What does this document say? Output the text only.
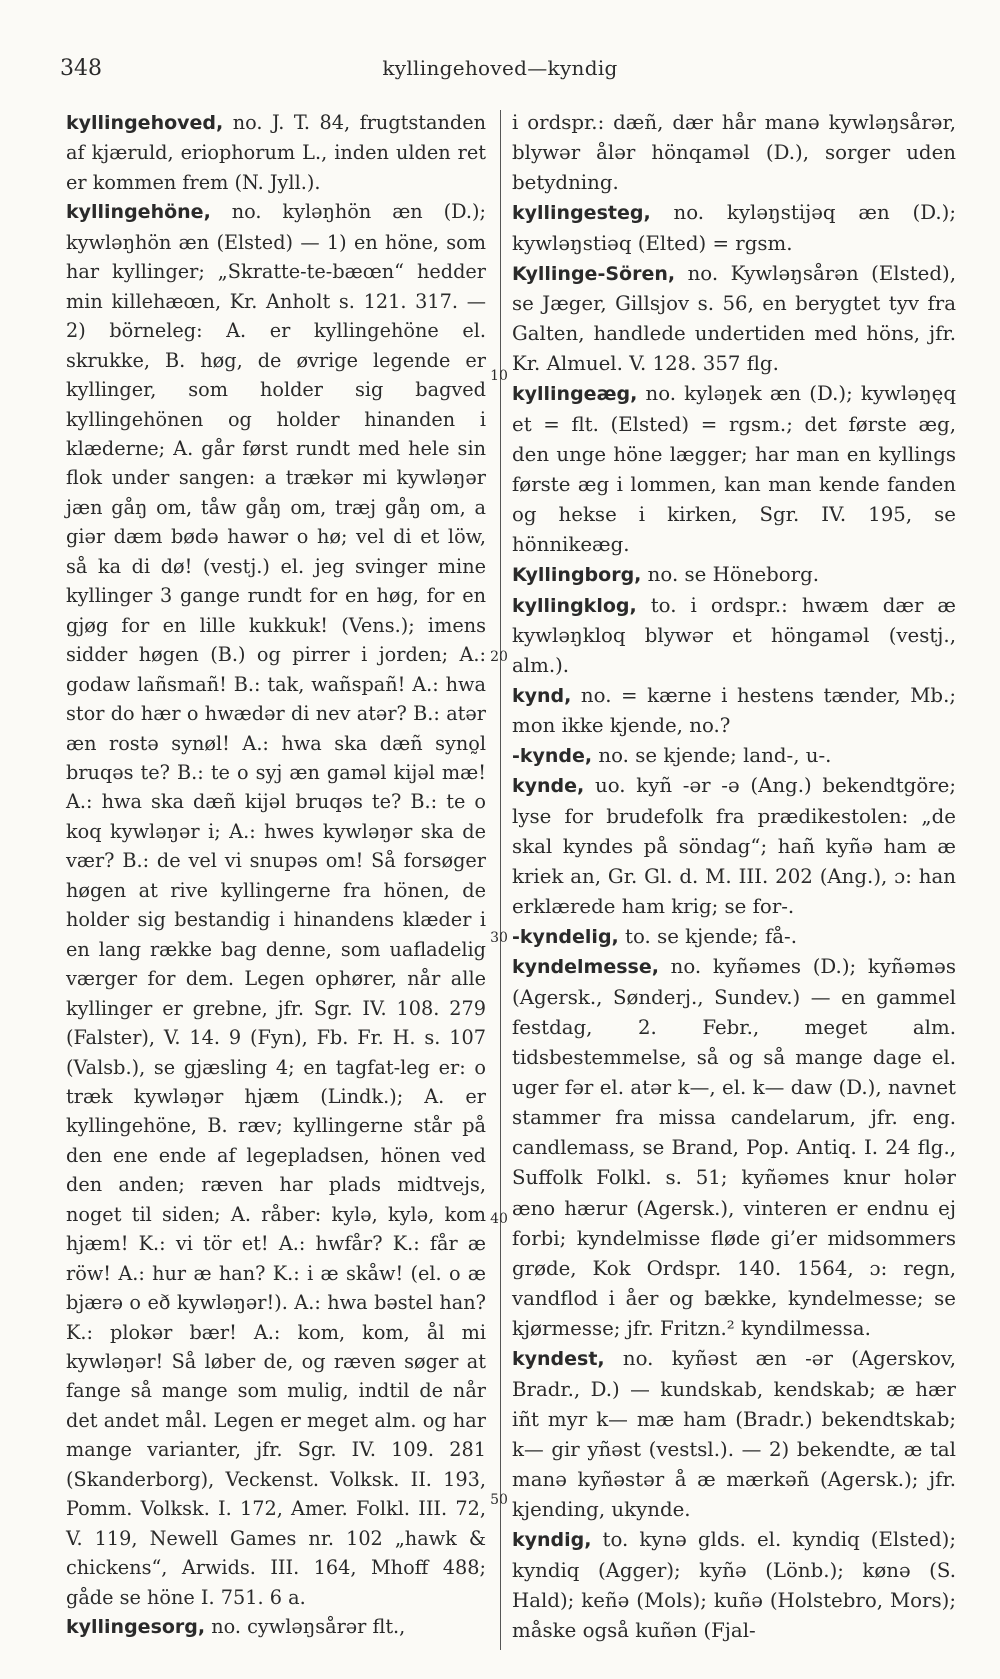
348	kyllingehoved—kyndig

kyllingehoved, no. J. T. 84, frugtstanden af kjæruld, eriophorum L., inden ulden ret er kommen frem (N. Jyll.).

kyllingehöne, no. kyləŋhön æn (D.); kywləŋhön æn (Elsted) — 1) en höne, som har kyllinger; „Skratte-te-bæœn“ hedder min killehæœn, Kr. Anholt s. 121. 317. — 2) börneleg: A. er kyllingehöne el. skrukke, B. høg, de øvrige legende er kyllinger, som holder sig bagved kyllingehönen og holder hinanden i klæderne; A. går først rundt med hele sin flok under sangen: a trækər mi kywləŋər jæn gåŋ om, tåw gåŋ om, træj gåŋ om, a giər dæm bødə hawər o hø; vel di et löw, så ka di dø! (vestj.) el. jeg svinger mine kyllinger 3 gange rundt for en høg, for en gjøg for en lille kukkuk! (Vens.); imens sidder høgen (B.) og pirrer i jorden; A.: godaw lañsmañ! B.: tak, wañspañ! A.: hwa stor do hær o hwædər di nev atər? B.: atər æn rostə synøl! A.: hwa ska dæñ syno̰l bruqəs te? B.: te o syj æn gaməl kijəl mæ! A.: hwa ska dæñ kijəl bruqəs te? B.: te o koq kywləŋər i; A.: hwes kywləŋər ska de vær? B.: de vel vi snupəs om! Så forsøger høgen at rive kyllingerne fra hönen, de holder sig bestandig i hinandens klæder i en lang række bag denne, som uafladelig værger for dem. Legen ophører, når alle kyllinger er grebne, jfr. Sgr. IV. 108. 279 (Falster), V. 14. 9 (Fyn), Fb. Fr. H. s. 107 (Valsb.), se gjæsling 4; en tagfat-leg er: o træk kywləŋər hjæm (Lindk.); A. er kyllingehöne, B. ræv; kyllingerne står på den ene ende af legepladsen, hönen ved den anden; ræven har plads midtvejs, noget til siden; A. råber: kylə, kylə, kom hjæm! K.: vi tör et! A.: hwfår? K.: får æ röw! A.: hur æ han? K.: i æ skåw! (el. o æ bjærə o eð kywləŋər!). A.: hwa bəstel han? K.: plokər bær! A.: kom, kom, ål mi kywləŋər! Så løber de, og ræven søger at fange så mange som mulig, indtil de når det andet mål. Legen er meget alm. og har mange varianter, jfr. Sgr. IV. 109. 281 (Skanderborg), Veckenst. Volksk. II. 193, Pomm. Volksk. I. 172, Amer. Folkl. III. 72, V. 119, Newell Games nr. 102 „hawk & chickens“, Arwids. III. 164, Mhoff 488; gåde se höne I. 751. 6 a.

kyllingesorg, no. cywləŋsårər flt.,

10
20
30
40
50

i ordspr.: dæñ, dær hår manə kywləŋsårər, blywər ålər hönqaməl (D.), sorger uden betydning.

kyllingesteg, no. kyləŋstijəq æn (D.); kywləŋstiəq (Elted) = rgsm.

Kyllinge-Sören, no. Kywləŋsårən (Elsted), se Jæger, Gillsjov s. 56, en berygtet tyv fra Galten, handlede undertiden med höns, jfr. Kr. Almuel. V. 128. 357 flg.

kyllingeæg, no. kyləŋek æn (D.); kywləŋęq et = flt. (Elsted) = rgsm.; det første æg, den unge höne lægger; har man en kyllings første æg i lommen, kan man kende fanden og hekse i kirken, Sgr. IV. 195, se hönnikeæg.

Kyllingborg, no. se Höneborg.

kyllingklog, to. i ordspr.: hwæm dær æ kywləŋkloq blywər et höngaməl (vestj., alm.).

kynd, no. = kærne i hestens tænder, Mb.; mon ikke kjende, no.?

-kynde, no. se kjende; land-, u-.

kynde, uo. kyñ -ər -ə (Ang.) bekendtgöre; lyse for brudefolk fra prædikestolen: „de skal kyndes på söndag“; hañ kyñə ham æ kriek an, Gr. Gl. d. M. III. 202 (Ang.), ɔ: han erklærede ham krig; se for-.

-kyndelig, to. se kjende; få-.

kyndelmesse, no. kyñəmes (D.); kyñəməs (Agersk., Sønderj., Sundev.) — en gammel festdag, 2. Febr., meget alm. tidsbestemmelse, så og så mange dage el. uger fər el. atər k—, el. k— daw (D.), navnet stammer fra missa candelarum, jfr. eng. candlemass, se Brand, Pop. Antiq. I. 24 flg., Suffolk Folkl. s. 51; kyñəmes knur holər æno hærur (Agersk.), vinteren er endnu ej forbi; kyndelmisse fløde gi’er midsommers grøde, Kok Ordspr. 140. 1564, ɔ: regn, vandflod i åer og bække, kyndelmesse; se kjørmesse; jfr. Fritzn.² kyndilmessa.

kyndest, no. kyñəst æn -ər (Agerskov, Bradr., D.) — kundskab, kendskab; æ hær iñt myr k— mæ ham (Bradr.) bekendtskab; k— gir yñəst (vestsl.). — 2) bekendte, æ tal manə kyñəstər å æ mærkəñ (Agersk.); jfr. kjending, ukynde.

kyndig, to. kynə glds. el. kyndiq (Elsted); kyndiq (Agger); kyñə (Lönb.); kønə (S. Hald); keñə (Mols); kuñə (Holstebro, Mors); måske også kuñən (Fjal-
